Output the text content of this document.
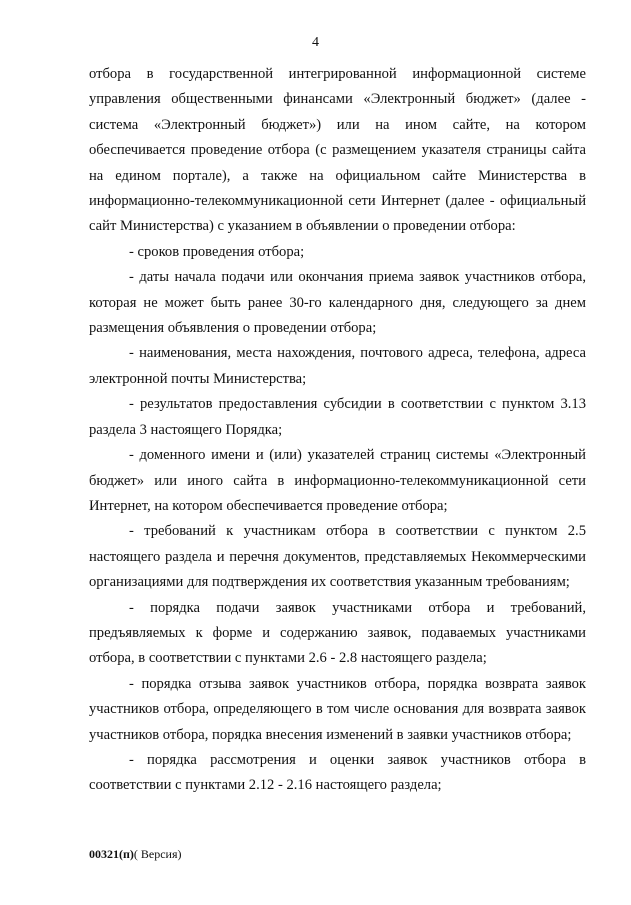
4

отбора в государственной интегрированной информационной системе управления общественными финансами «Электронный бюджет» (далее - система «Электронный бюджет») или на ином сайте, на котором обеспечивается проведение отбора (с размещением указателя страницы сайта на едином портале), а также на официальном сайте Министерства в информационно-телекоммуникационной сети Интернет (далее - официальный сайт Министерства) с указанием в объявлении о проведении отбора:

- сроков проведения отбора;

- даты начала подачи или окончания приема заявок участников отбора, которая не может быть ранее 30-го календарного дня, следующего за днем размещения объявления о проведении отбора;

- наименования, места нахождения, почтового адреса, телефона, адреса электронной почты Министерства;

- результатов предоставления субсидии в соответствии с пунктом 3.13 раздела 3 настоящего Порядка;

- доменного имени и (или) указателей страниц системы «Электронный бюджет» или иного сайта в информационно-телекоммуникационной сети Интернет, на котором обеспечивается проведение отбора;

- требований к участникам отбора в соответствии с пунктом 2.5 настоящего раздела и перечня документов, представляемых Некоммерческими организациями для подтверждения их соответствия указанным требованиям;

- порядка подачи заявок участниками отбора и требований, предъявляемых к форме и содержанию заявок, подаваемых участниками отбора, в соответствии с пунктами 2.6 - 2.8 настоящего раздела;

- порядка отзыва заявок участников отбора, порядка возврата заявок участников отбора, определяющего в том числе основания для возврата заявок участников отбора, порядка внесения изменений в заявки участников отбора;

- порядка рассмотрения и оценки заявок участников отбора в соответствии с пунктами 2.12 - 2.16 настоящего раздела;

00321(п)( Версия)
